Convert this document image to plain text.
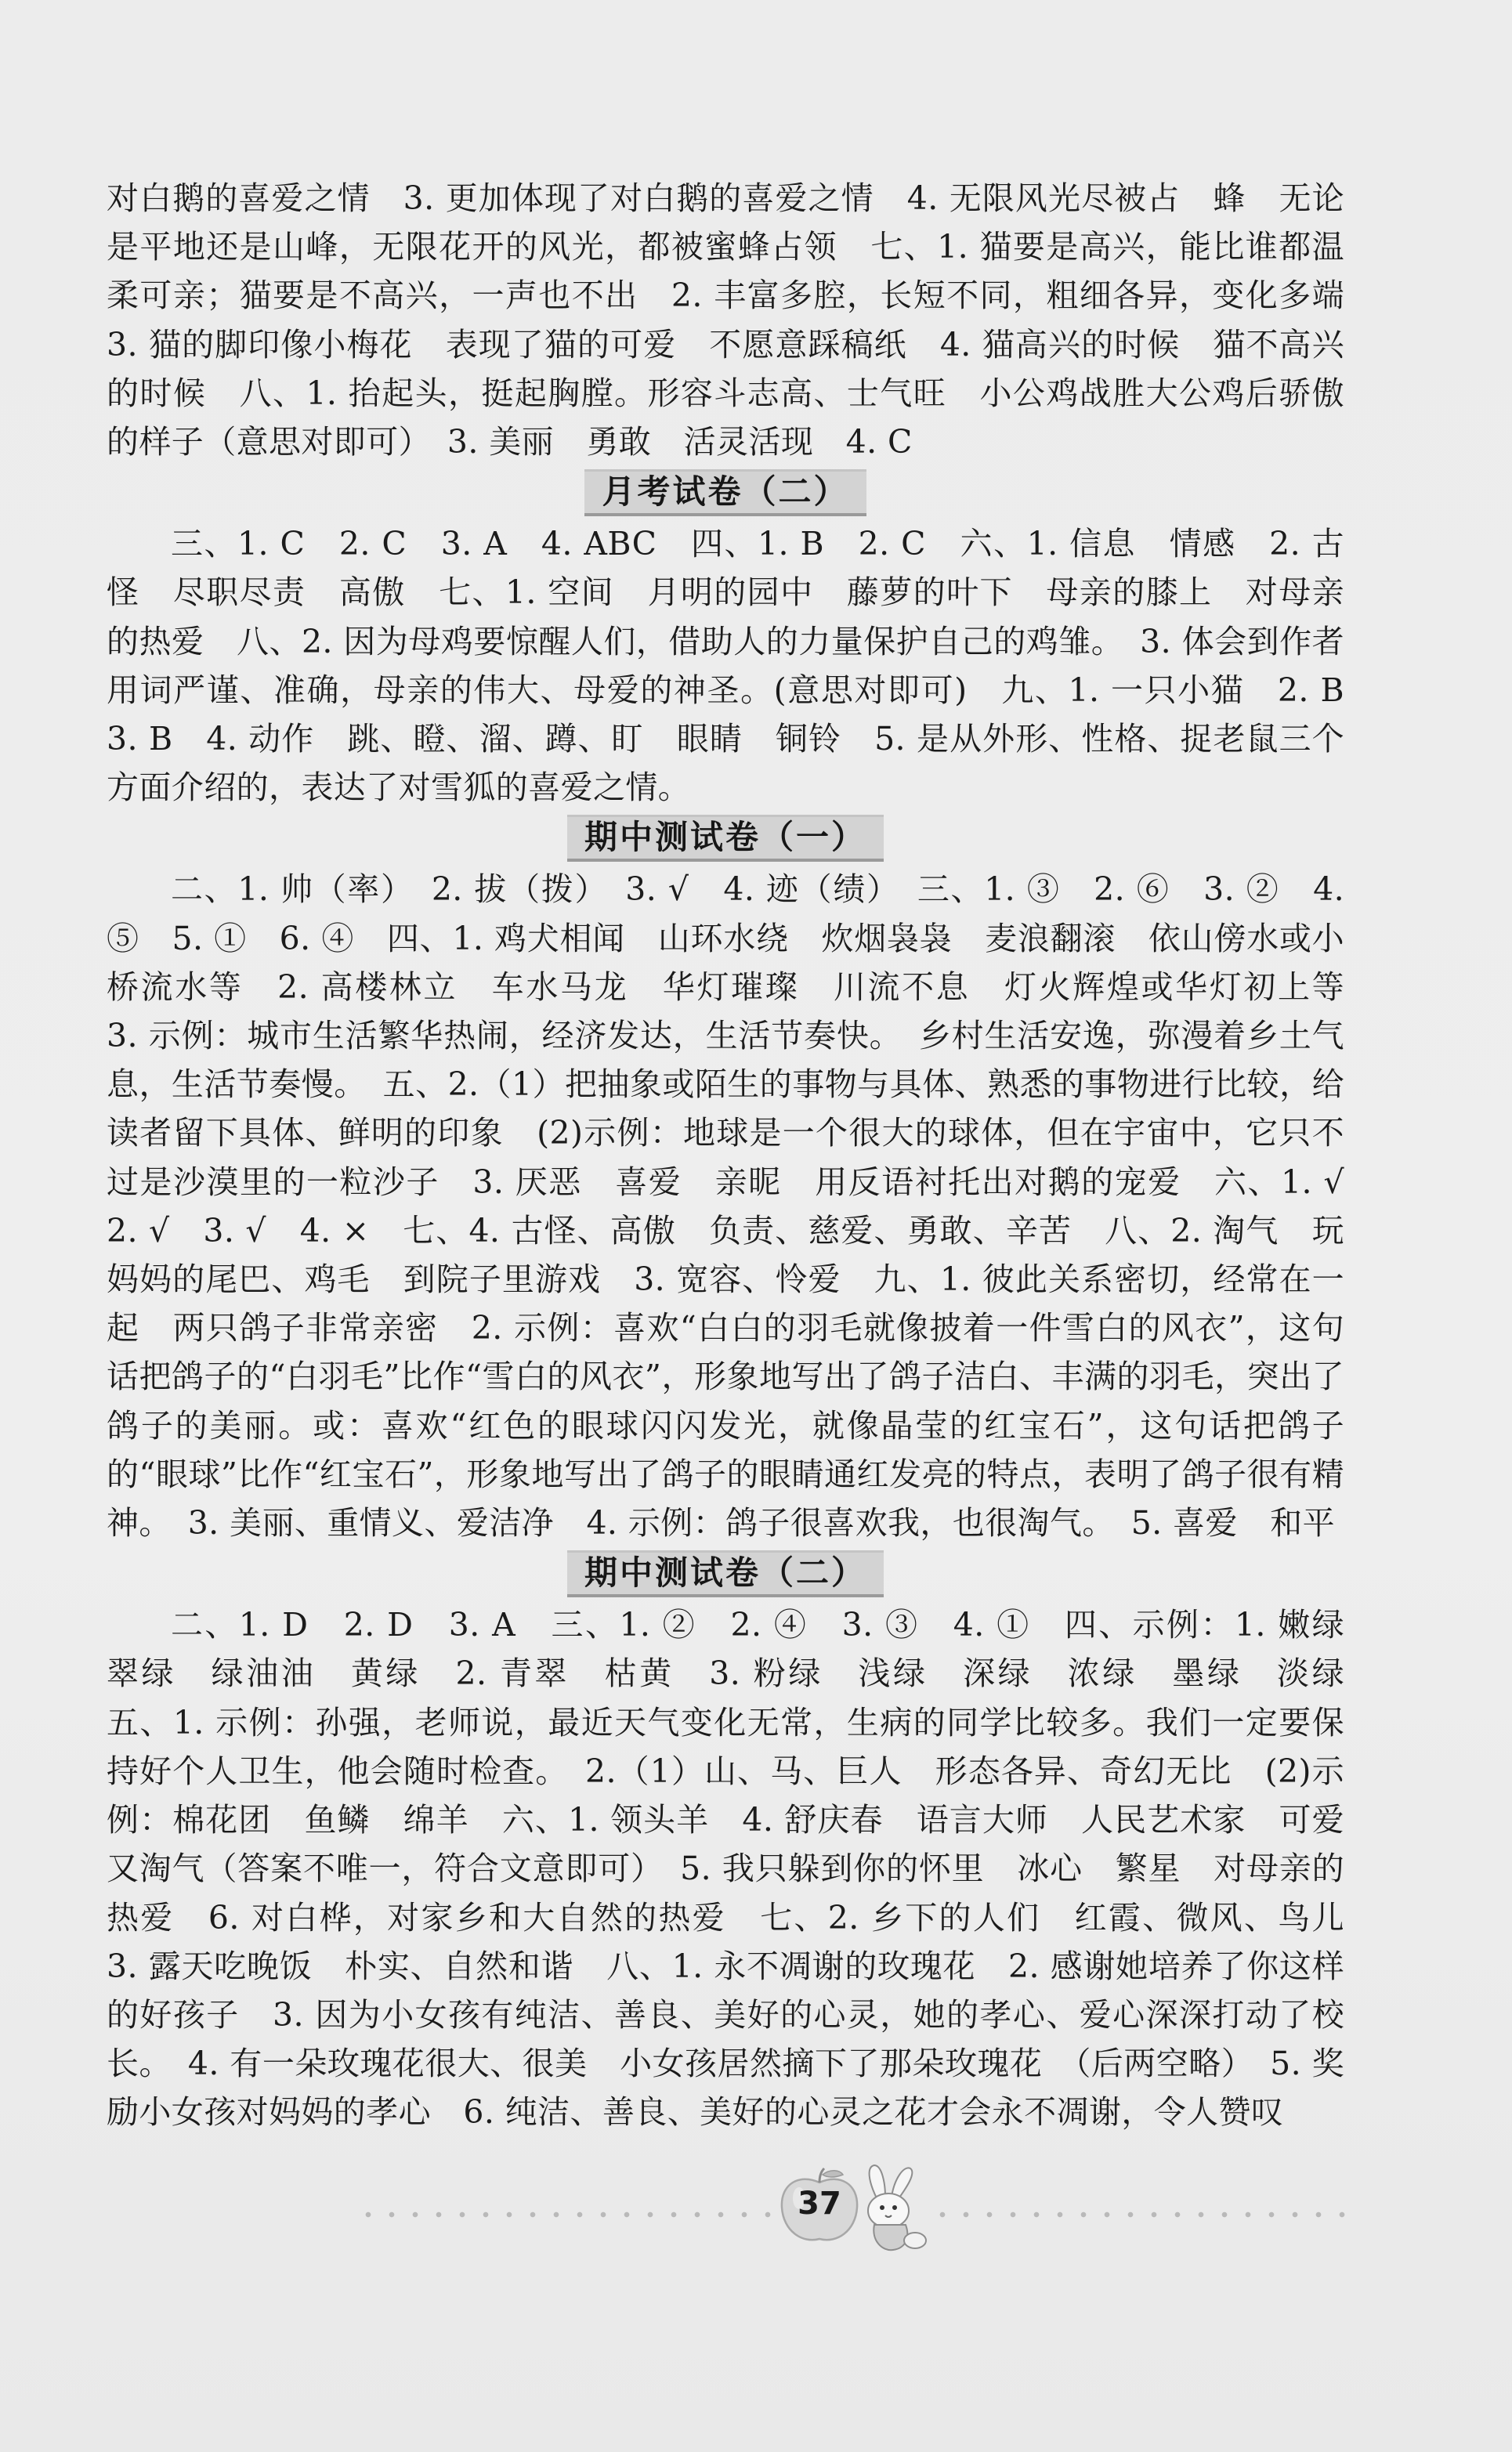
对白鹅的喜爱之情　3. 更加体现了对白鹅的喜爱之情　4. 无限风光尽被占　蜂　无论是平地还是山峰，无限花开的风光，都被蜜蜂占领　七、1. 猫要是高兴，能比谁都温柔可亲；猫要是不高兴，一声也不出　2. 丰富多腔，长短不同，粗细各异，变化多端　3. 猫的脚印像小梅花　表现了猫的可爱　不愿意踩稿纸　4. 猫高兴的时候　猫不高兴的时候　八、1. 抬起头，挺起胸膛。形容斗志高、士气旺　小公鸡战胜大公鸡后骄傲的样子（意思对即可）　3. 美丽　勇敢　活灵活现　4. C

月考试卷（二）

三、1. C　2. C　3. A　4. ABC　四、1. B　2. C　六、1. 信息　情感　2. 古怪　尽职尽责　高傲　七、1. 空间　月明的园中　藤萝的叶下　母亲的膝上　对母亲的热爱　八、2. 因为母鸡要惊醒人们，借助人的力量保护自己的鸡雏。　3. 体会到作者用词严谨、准确，母亲的伟大、母爱的神圣。(意思对即可)　九、1. 一只小猫　2. B　3. B　4. 动作　跳、瞪、溜、蹲、盯　眼睛　铜铃　5. 是从外形、性格、捉老鼠三个方面介绍的，表达了对雪狐的喜爱之情。

期中测试卷（一）

二、1. 帅（率）　2. 拔（拨）　3. √　4. 迹（绩）　三、1. ③　2. ⑥　3. ②　4. ⑤　5. ①　6. ④　四、1. 鸡犬相闻　山环水绕　炊烟袅袅　麦浪翻滚　依山傍水或小桥流水等　2. 高楼林立　车水马龙　华灯璀璨　川流不息　灯火辉煌或华灯初上等　3. 示例：城市生活繁华热闹，经济发达，生活节奏快。　乡村生活安逸，弥漫着乡土气息，生活节奏慢。　五、2.（1）把抽象或陌生的事物与具体、熟悉的事物进行比较，给读者留下具体、鲜明的印象　(2)示例：地球是一个很大的球体，但在宇宙中，它只不过是沙漠里的一粒沙子　3. 厌恶　喜爱　亲昵　用反语衬托出对鹅的宠爱　六、1. √　2. √　3. √　4. ×　七、4. 古怪、高傲　负责、慈爱、勇敢、辛苦　八、2. 淘气　玩妈妈的尾巴、鸡毛　到院子里游戏　3. 宽容、怜爱　九、1. 彼此关系密切，经常在一起　两只鸽子非常亲密　2. 示例：喜欢“白白的羽毛就像披着一件雪白的风衣”，这句话把鸽子的“白羽毛”比作“雪白的风衣”，形象地写出了鸽子洁白、丰满的羽毛，突出了鸽子的美丽。或：喜欢“红色的眼球闪闪发光，就像晶莹的红宝石”，这句话把鸽子的“眼球”比作“红宝石”，形象地写出了鸽子的眼睛通红发亮的特点，表明了鸽子很有精神。　3. 美丽、重情义、爱洁净　4. 示例：鸽子很喜欢我，也很淘气。　5. 喜爱　和平

期中测试卷（二）

二、1. D　2. D　3. A　三、1. ②　2. ④　3. ③　4. ①　四、示例：1. 嫩绿　翠绿　绿油油　黄绿　2. 青翠　枯黄　3. 粉绿　浅绿　深绿　浓绿　墨绿　淡绿　五、1. 示例：孙强，老师说，最近天气变化无常，生病的同学比较多。我们一定要保持好个人卫生，他会随时检查。　2.（1）山、马、巨人　形态各异、奇幻无比　(2)示例：棉花团　鱼鳞　绵羊　六、1. 领头羊　4. 舒庆春　语言大师　人民艺术家　可爱又淘气（答案不唯一，符合文意即可）　5. 我只躲到你的怀里　冰心　繁星　对母亲的热爱　6. 对白桦，对家乡和大自然的热爱　七、2. 乡下的人们　红霞、微风、鸟儿　3. 露天吃晚饭　朴实、自然和谐　八、1. 永不凋谢的玫瑰花　2. 感谢她培养了你这样的好孩子　3. 因为小女孩有纯洁、善良、美好的心灵，她的孝心、爱心深深打动了校长。　4. 有一朵玫瑰花很大、很美　小女孩居然摘下了那朵玫瑰花　（后两空略）　5. 奖励小女孩对妈妈的孝心　6. 纯洁、善良、美好的心灵之花才会永不凋谢，令人赞叹

37
